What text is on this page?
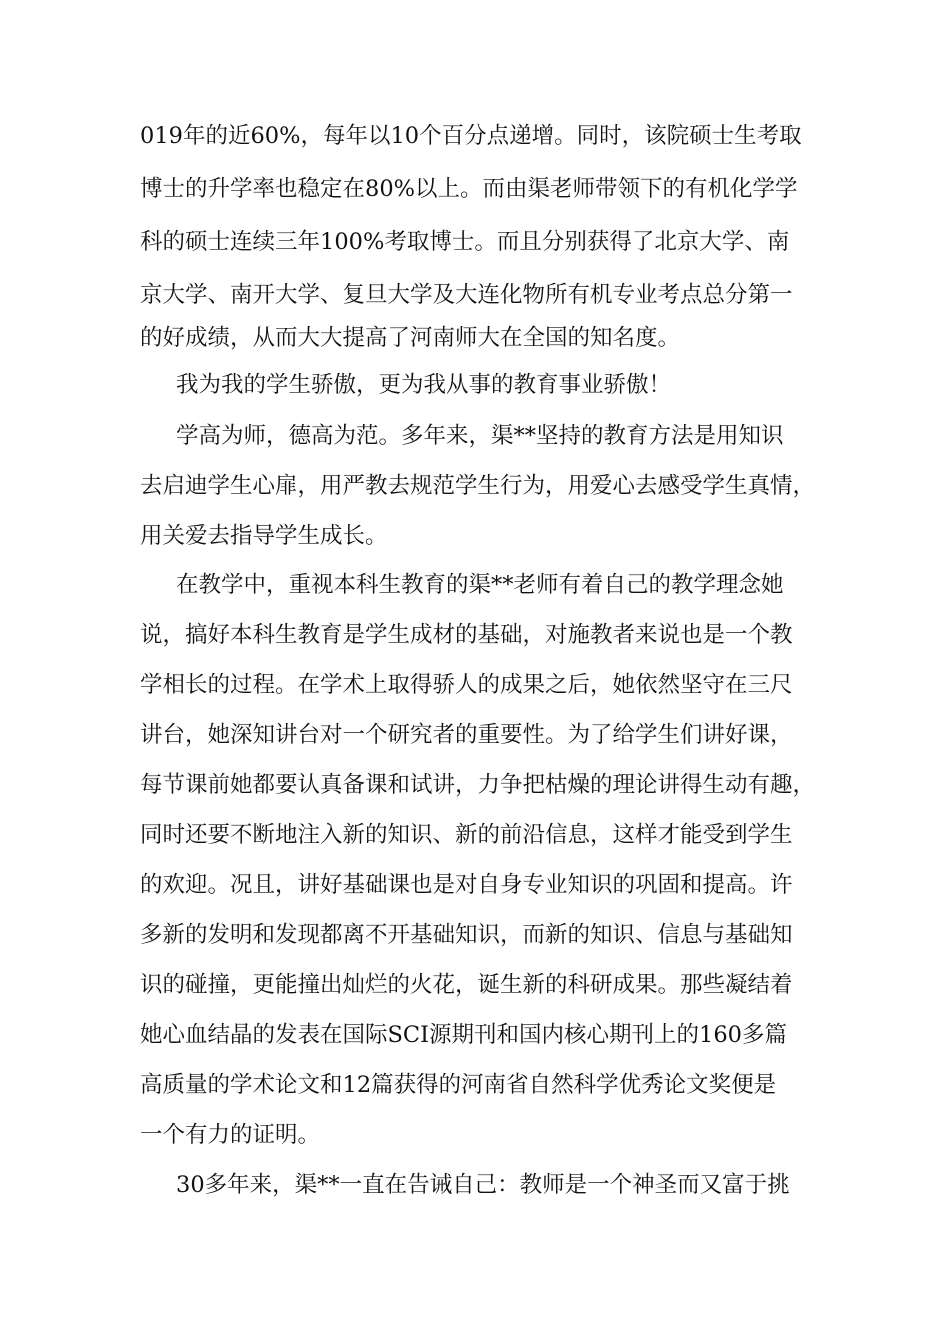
019年的近60%，每年以10个百分点递增。同时，该院硕士生考取
博士的升学率也稳定在80%以上。而由渠老师带领下的有机化学学
科的硕士连续三年100%考取博士。而且分别获得了北京大学、南
京大学、南开大学、复旦大学及大连化物所有机专业考点总分第一
的好成绩，从而大大提高了河南师大在全国的知名度。
我为我的学生骄傲，更为我从事的教育事业骄傲！
学高为师，德高为范。多年来，渠**坚持的教育方法是用知识
去启迪学生心扉，用严教去规范学生行为，用爱心去感受学生真情，
用关爱去指导学生成长。
在教学中，重视本科生教育的渠**老师有着自己的教学理念她
说，搞好本科生教育是学生成材的基础，对施教者来说也是一个教
学相长的过程。在学术上取得骄人的成果之后，她依然坚守在三尺
讲台，她深知讲台对一个研究者的重要性。为了给学生们讲好课，
每节课前她都要认真备课和试讲，力争把枯燥的理论讲得生动有趣，
同时还要不断地注入新的知识、新的前沿信息，这样才能受到学生
的欢迎。况且，讲好基础课也是对自身专业知识的巩固和提高。许
多新的发明和发现都离不开基础知识，而新的知识、信息与基础知
识的碰撞，更能撞出灿烂的火花，诞生新的科研成果。那些凝结着
她心血结晶的发表在国际SCI源期刊和国内核心期刊上的160多篇
高质量的学术论文和12篇获得的河南省自然科学优秀论文奖便是
一个有力的证明。
30多年来，渠**一直在告诫自己：教师是一个神圣而又富于挑
